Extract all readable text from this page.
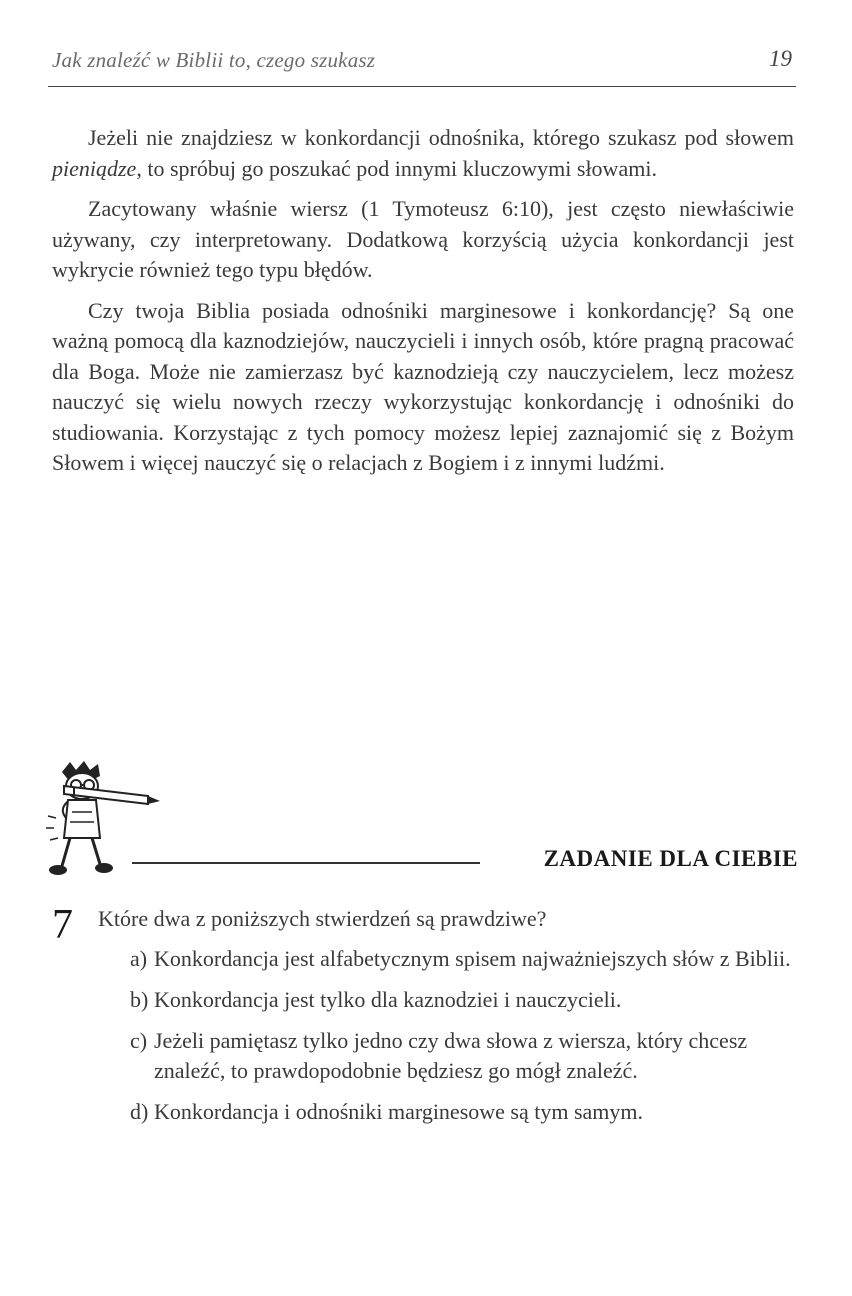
Jak znaleźć w Biblii to, czego szukasz	19

Jeżeli nie znajdziesz w konkordancji odnośnika, którego szukasz pod słowem pieniądze, to spróbuj go poszukać pod innymi kluczowymi słowami.

Zacytowany właśnie wiersz (1 Tymoteusz 6:10), jest często niewłaściwie używany, czy interpretowany. Dodatkową korzyścią użycia konkordancji jest wykrycie również tego typu błędów.

Czy twoja Biblia posiada odnośniki marginesowe i konkordancję? Są one ważną pomocą dla kaznodziejów, nauczycieli i innych osób, które pragną pracować dla Boga. Może nie zamierzasz być kaznodzieją czy nauczycielem, lecz możesz nauczyć się wielu nowych rzeczy wykorzystując konkordancję i odnośniki do studiowania. Korzystając z tych pomocy możesz lepiej zaznajomić się z Bożym Słowem i więcej nauczyć się o relacjach z Bogiem i z innymi ludźmi.

ZADANIE DLA CIEBIE
7 Które dwa z poniższych stwierdzeń są prawdziwe?
a) Konkordancja jest alfabetycznym spisem najważniejszych słów z Biblii.
b) Konkordancja jest tylko dla kaznodziei i nauczycieli.
c) Jeżeli pamiętasz tylko jedno czy dwa słowa z wiersza, który chcesz znaleźć, to prawdopodobnie będziesz go mógł znaleźć.
d) Konkordancja i odnośniki marginesowe są tym samym.
